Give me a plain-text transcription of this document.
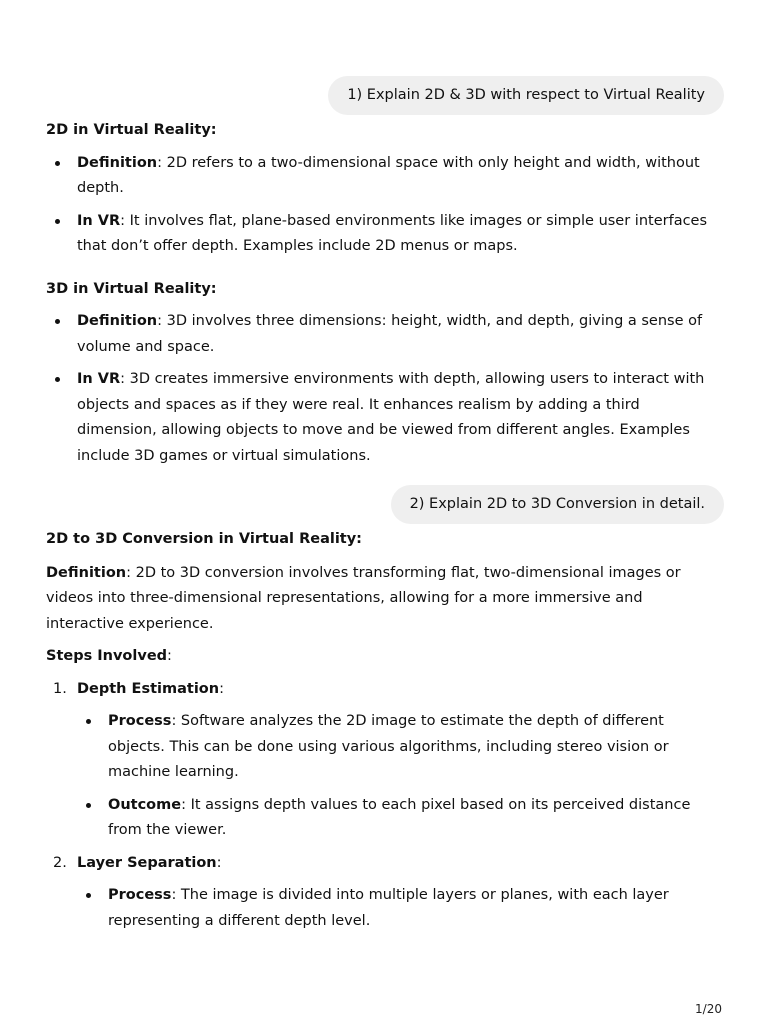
1) Explain 2D & 3D with respect to Virtual Reality

2D in Virtual Reality:

Definition: 2D refers to a two-dimensional space with only height and width, without depth.
In VR: It involves flat, plane-based environments like images or simple user interfaces that don’t offer depth. Examples include 2D menus or maps.

3D in Virtual Reality:

Definition: 3D involves three dimensions: height, width, and depth, giving a sense of volume and space.
In VR: 3D creates immersive environments with depth, allowing users to interact with objects and spaces as if they were real. It enhances realism by adding a third dimension, allowing objects to move and be viewed from different angles. Examples include 3D games or virtual simulations.
2) Explain 2D to 3D Conversion in detail.

2D to 3D Conversion in Virtual Reality:

Definition: 2D to 3D conversion involves transforming flat, two-dimensional images or videos into three-dimensional representations, allowing for a more immersive and interactive experience.

Steps Involved:

1. Depth Estimation:
Process: Software analyzes the 2D image to estimate the depth of different objects. This can be done using various algorithms, including stereo vision or machine learning.
Outcome: It assigns depth values to each pixel based on its perceived distance from the viewer.
2. Layer Separation:
Process: The image is divided into multiple layers or planes, with each layer representing a different depth level.
1/20
